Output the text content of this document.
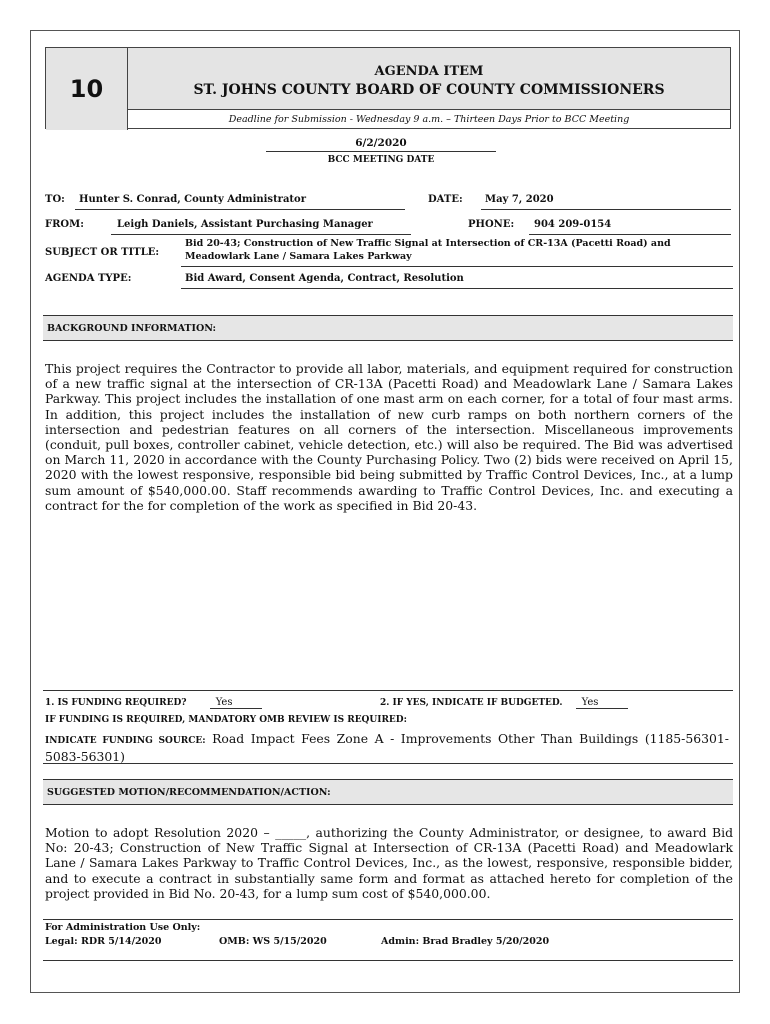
10
AGENDA ITEM
ST. JOHNS COUNTY BOARD OF COUNTY COMMISSIONERS
Deadline for Submission - Wednesday 9 a.m. – Thirteen Days Prior to BCC Meeting
6/2/2020
BCC MEETING DATE
TO: Hunter S. Conrad, County Administrator	DATE: May 7, 2020
FROM:	Leigh Daniels, Assistant Purchasing Manager	PHONE: 904 209-0154
SUBJECT OR TITLE:
Bid 20-43; Construction of New Traffic Signal at Intersection of CR-13A (Pacetti Road) and
Meadowlark Lane / Samara Lakes Parkway
AGENDA TYPE:	Bid Award, Consent Agenda, Contract, Resolution
BACKGROUND INFORMATION:
This project requires the Contractor to provide all labor, materials, and equipment required for construction of a new traffic signal at the intersection of CR-13A (Pacetti Road) and Meadowlark Lane / Samara Lakes Parkway. This project includes the installation of one mast arm on each corner, for a total of four mast arms. In addition, this project includes the installation of new curb ramps on both northern corners of the intersection and pedestrian features on all corners of the intersection. Miscellaneous improvements (conduit, pull boxes, controller cabinet, vehicle detection, etc.) will also be required. The Bid was advertised on March 11, 2020 in accordance with the County Purchasing Policy. Two (2) bids were received on April 15, 2020 with the lowest responsive, responsible bid being submitted by Traffic Control Devices, Inc., at a lump sum amount of $540,000.00. Staff recommends awarding to Traffic Control Devices, Inc. and executing a contract for the for completion of the work as specified in Bid 20-43.
1. IS FUNDING REQUIRED?	Yes	2. IF YES, INDICATE IF BUDGETED. Yes
IF FUNDING IS REQUIRED, MANDATORY OMB REVIEW IS REQUIRED:
INDICATE FUNDING SOURCE: Road Impact Fees Zone A - Improvements Other Than Buildings (1185-56301-5083-56301)
SUGGESTED MOTION/RECOMMENDATION/ACTION:
Motion to adopt Resolution 2020 – _____, authorizing the County Administrator, or designee, to award Bid No: 20-43; Construction of New Traffic Signal at Intersection of CR-13A (Pacetti Road) and Meadowlark Lane / Samara Lakes Parkway to Traffic Control Devices, Inc., as the lowest, responsive, responsible bidder, and to execute a contract in substantially same form and format as attached hereto for completion of the project provided in Bid No. 20-43, for a lump sum cost of $540,000.00.
For Administration Use Only:
Legal: RDR 5/14/2020	OMB: WS 5/15/2020	Admin: Brad Bradley 5/20/2020
